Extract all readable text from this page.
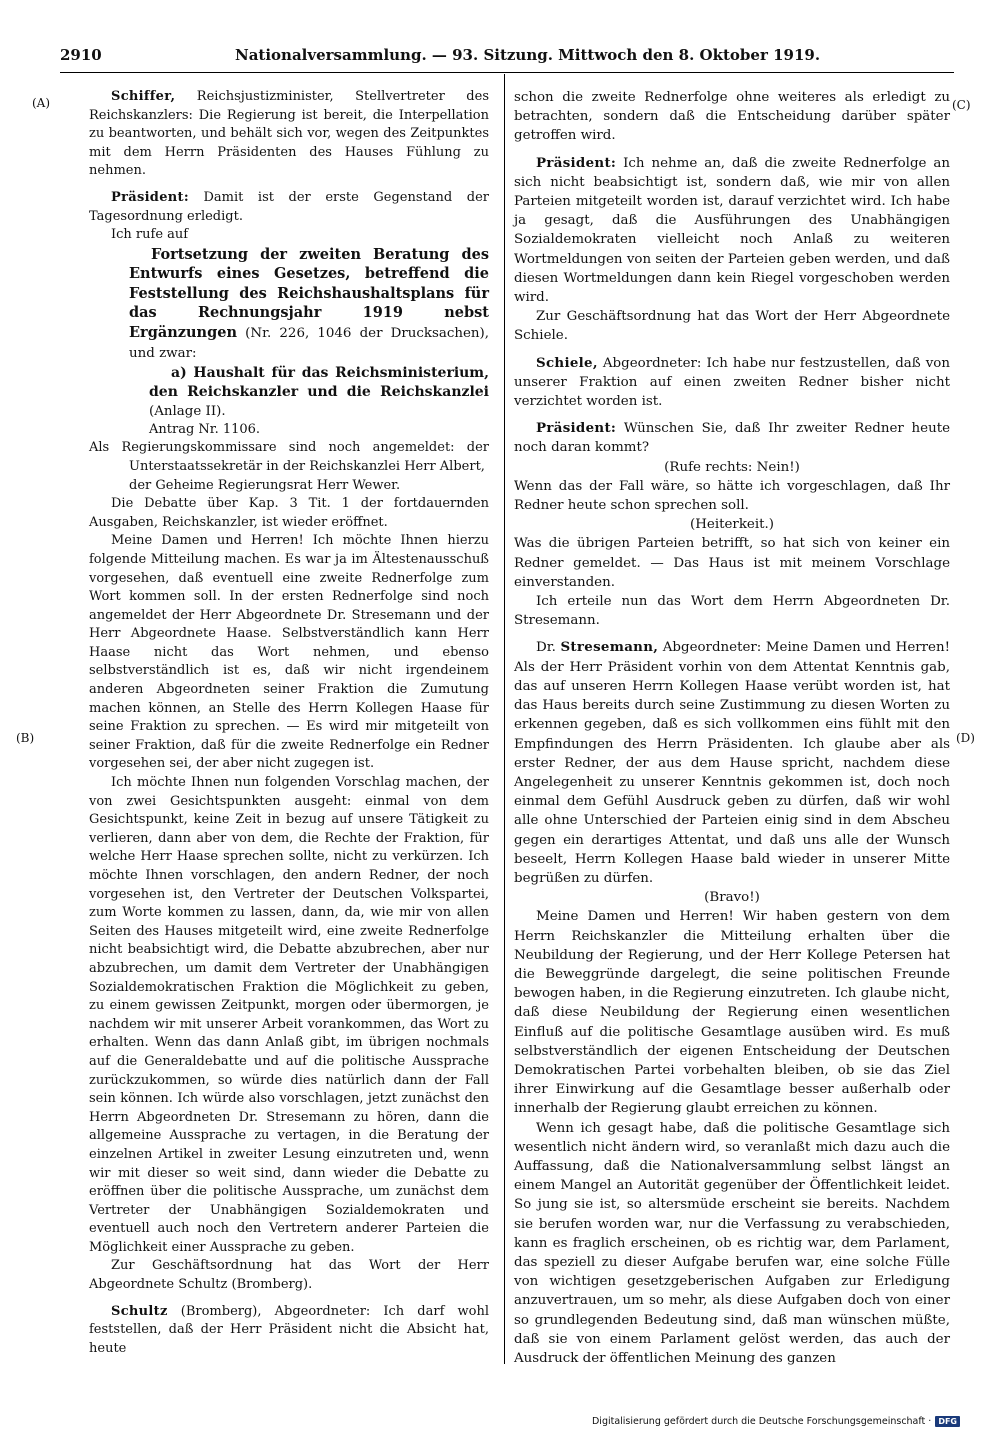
2910	Nationalversammlung. — 93. Sitzung. Mittwoch den 8. Oktober 1919.
(A)
(B)
(C)
(D)

Schiffer, Reichsjustizminister, Stellvertreter des Reichskanzlers: Die Regierung ist bereit, die Interpellation zu beantworten, und behält sich vor, wegen des Zeitpunktes mit dem Herrn Präsidenten des Hauses Fühlung zu nehmen.

Präsident: Damit ist der erste Gegenstand der Tagesordnung erledigt.

Ich rufe auf

Fortsetzung der zweiten Beratung des Entwurfs eines Gesetzes, betreffend die Feststellung des Reichshaushaltsplans für das Rechnungsjahr 1919 nebst Ergänzungen (Nr. 226, 1046 der Drucksachen), und zwar:

a) Haushalt für das Reichsministerium, den Reichskanzler und die Reichskanzlei (Anlage II).

Antrag Nr. 1106.

Als Regierungskommissare sind noch angemeldet: der Unterstaatssekretär in der Reichskanzlei Herr Albert,

der Geheime Regierungsrat Herr Wewer.

Die Debatte über Kap. 3 Tit. 1 der fortdauernden Ausgaben, Reichskanzler, ist wieder eröffnet.

Meine Damen und Herren! Ich möchte Ihnen hierzu folgende Mitteilung machen. Es war ja im Ältestenausschuß vorgesehen, daß eventuell eine zweite Rednerfolge zum Wort kommen soll. In der ersten Rednerfolge sind noch angemeldet der Herr Abgeordnete Dr. Stresemann und der Herr Abgeordnete Haase. Selbstverständlich kann Herr Haase nicht das Wort nehmen, und ebenso selbstverständlich ist es, daß wir nicht irgendeinem anderen Abgeordneten seiner Fraktion die Zumutung machen können, an Stelle des Herrn Kollegen Haase für seine Fraktion zu sprechen. — Es wird mir mitgeteilt von seiner Fraktion, daß für die zweite Rednerfolge ein Redner vorgesehen sei, der aber nicht zugegen ist.

Ich möchte Ihnen nun folgenden Vorschlag machen, der von zwei Gesichtspunkten ausgeht: einmal von dem Gesichtspunkt, keine Zeit in bezug auf unsere Tätigkeit zu verlieren, dann aber von dem, die Rechte der Fraktion, für welche Herr Haase sprechen sollte, nicht zu verkürzen. Ich möchte Ihnen vorschlagen, den andern Redner, der noch vorgesehen ist, den Vertreter der Deutschen Volkspartei, zum Worte kommen zu lassen, dann, da, wie mir von allen Seiten des Hauses mitgeteilt wird, eine zweite Rednerfolge nicht beabsichtigt wird, die Debatte abzubrechen, aber nur abzubrechen, um damit dem Vertreter der Unabhängigen Sozialdemokratischen Fraktion die Möglichkeit zu geben, zu einem gewissen Zeitpunkt, morgen oder übermorgen, je nachdem wir mit unserer Arbeit vorankommen, das Wort zu erhalten. Wenn das dann Anlaß gibt, im übrigen nochmals auf die Generaldebatte und auf die politische Aussprache zurückzukommen, so würde dies natürlich dann der Fall sein können. Ich würde also vorschlagen, jetzt zunächst den Herrn Abgeordneten Dr. Stresemann zu hören, dann die allgemeine Aussprache zu vertagen, in die Beratung der einzelnen Artikel in zweiter Lesung einzutreten und, wenn wir mit dieser so weit sind, dann wieder die Debatte zu eröffnen über die politische Aussprache, um zunächst dem Vertreter der Unabhängigen Sozialdemokraten und eventuell auch noch den Vertretern anderer Parteien die Möglichkeit einer Aussprache zu geben.

Zur Geschäftsordnung hat das Wort der Herr Abgeordnete Schultz (Bromberg).

Schultz (Bromberg), Abgeordneter: Ich darf wohl feststellen, daß der Herr Präsident nicht die Absicht hat, heute

schon die zweite Rednerfolge ohne weiteres als erledigt zu betrachten, sondern daß die Entscheidung darüber später getroffen wird.

Präsident: Ich nehme an, daß die zweite Rednerfolge an sich nicht beabsichtigt ist, sondern daß, wie mir von allen Parteien mitgeteilt worden ist, darauf verzichtet wird. Ich habe ja gesagt, daß die Ausführungen des Unabhängigen Sozialdemokraten vielleicht noch Anlaß zu weiteren Wortmeldungen von seiten der Parteien geben werden, und daß diesen Wortmeldungen dann kein Riegel vorgeschoben werden wird.

Zur Geschäftsordnung hat das Wort der Herr Abgeordnete Schiele.

Schiele, Abgeordneter: Ich habe nur festzustellen, daß von unserer Fraktion auf einen zweiten Redner bisher nicht verzichtet worden ist.

Präsident: Wünschen Sie, daß Ihr zweiter Redner heute noch daran kommt?

(Rufe rechts: Nein!)

Wenn das der Fall wäre, so hätte ich vorgeschlagen, daß Ihr Redner heute schon sprechen soll.

(Heiterkeit.)

Was die übrigen Parteien betrifft, so hat sich von keiner ein Redner gemeldet. — Das Haus ist mit meinem Vorschlage einverstanden.

Ich erteile nun das Wort dem Herrn Abgeordneten Dr. Stresemann.

Dr. Stresemann, Abgeordneter: Meine Damen und Herren! Als der Herr Präsident vorhin von dem Attentat Kenntnis gab, das auf unseren Herrn Kollegen Haase verübt worden ist, hat das Haus bereits durch seine Zustimmung zu diesen Worten zu erkennen gegeben, daß es sich vollkommen eins fühlt mit den Empfindungen des Herrn Präsidenten. Ich glaube aber als erster Redner, der aus dem Hause spricht, nachdem diese Angelegenheit zu unserer Kenntnis gekommen ist, doch noch einmal dem Gefühl Ausdruck geben zu dürfen, daß wir wohl alle ohne Unterschied der Parteien einig sind in dem Abscheu gegen ein derartiges Attentat, und daß uns alle der Wunsch beseelt, Herrn Kollegen Haase bald wieder in unserer Mitte begrüßen zu dürfen.

(Bravo!)

Meine Damen und Herren! Wir haben gestern von dem Herrn Reichskanzler die Mitteilung erhalten über die Neubildung der Regierung, und der Herr Kollege Petersen hat die Beweggründe dargelegt, die seine politischen Freunde bewogen haben, in die Regierung einzutreten. Ich glaube nicht, daß diese Neubildung der Regierung einen wesentlichen Einfluß auf die politische Gesamtlage ausüben wird. Es muß selbstverständlich der eigenen Entscheidung der Deutschen Demokratischen Partei vorbehalten bleiben, ob sie das Ziel ihrer Einwirkung auf die Gesamtlage besser außerhalb oder innerhalb der Regierung glaubt erreichen zu können.

Wenn ich gesagt habe, daß die politische Gesamtlage sich wesentlich nicht ändern wird, so veranlaßt mich dazu auch die Auffassung, daß die Nationalversammlung selbst längst an einem Mangel an Autorität gegenüber der Öffentlichkeit leidet. So jung sie ist, so altersmüde erscheint sie bereits. Nachdem sie berufen worden war, nur die Verfassung zu verabschieden, kann es fraglich erscheinen, ob es richtig war, dem Parlament, das speziell zu dieser Aufgabe berufen war, eine solche Fülle von wichtigen gesetzgeberischen Aufgaben zur Erledigung anzuvertrauen, um so mehr, als diese Aufgaben doch von einer so grundlegenden Bedeutung sind, daß man wünschen müßte, daß sie von einem Parlament gelöst werden, das auch der Ausdruck der öffentlichen Meinung des ganzen

Digitalisierung gefördert durch die Deutsche Forschungsgemeinschaft · DFG
